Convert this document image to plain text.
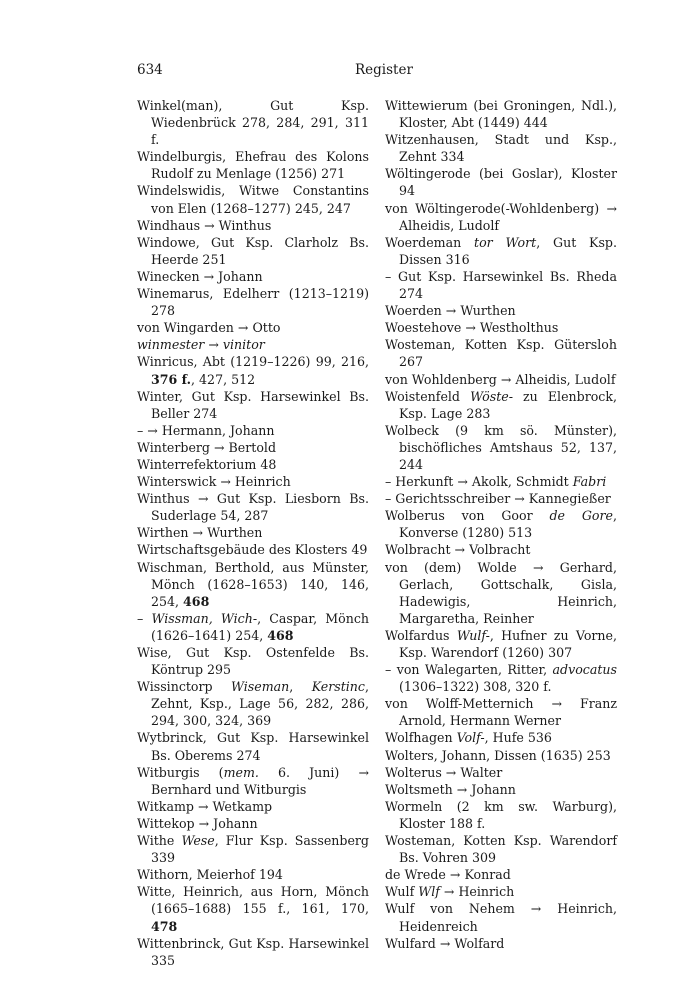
634	Register
Winkel(man), Gut Ksp. Wiedenbrück 278, 284, 291, 311 f.
Windelburgis, Ehefrau des Kolons Rudolf zu Menlage (1256) 271
Windelswidis, Witwe Constantins von Elen (1268–1277) 245, 247
Windhaus → Winthus
Windowe, Gut Ksp. Clarholz Bs. Heerde 251
Winecken → Johann
Winemarus, Edelherr (1213–1219) 278
von Wingarden → Otto
winmester → vinitor
Winricus, Abt (1219–1226) 99, 216, 376 f., 427, 512
Winter, Gut Ksp. Harsewinkel Bs. Beller 274
– → Hermann, Johann
Winterberg → Bertold
Winterrefektorium 48
Winterswick → Heinrich
Winthus → Gut Ksp. Liesborn Bs. Suderlage 54, 287
Wirthen → Wurthen
Wirtschaftsgebäude des Klosters 49
Wischman, Berthold, aus Münster, Mönch (1628–1653) 140, 146, 254, 468
– Wissman, Wich-, Caspar, Mönch (1626–1641) 254, 468
Wise, Gut Ksp. Ostenfelde Bs. Köntrup 295
Wissinctorp Wiseman, Kerstinc, Zehnt, Ksp., Lage 56, 282, 286, 294, 300, 324, 369
Wytbrinck, Gut Ksp. Harsewinkel Bs. Oberems 274
Witburgis (mem. 6. Juni) → Bernhard und Witburgis
Witkamp → Wetkamp
Wittekop → Johann
Withe Wese, Flur Ksp. Sassenberg 339
Withorn, Meierhof 194
Witte, Heinrich, aus Horn, Mönch (1665–1688) 155 f., 161, 170, 478
Wittenbrinck, Gut Ksp. Harsewinkel 335
Wittewierum (bei Groningen, Ndl.), Kloster, Abt (1449) 444
Witzenhausen, Stadt und Ksp., Zehnt 334
Wöltingerode (bei Goslar), Kloster 94
von Wöltingerode(-Wohldenberg) → Alheidis, Ludolf
Woerdeman tor Wort, Gut Ksp. Dissen 316
– Gut Ksp. Harsewinkel Bs. Rheda 274
Woerden → Wurthen
Woestehove → Westholthus
Wosteman, Kotten Ksp. Gütersloh 267
von Wohldenberg → Alheidis, Ludolf
Woistenfeld Wöste- zu Elenbrock, Ksp. Lage 283
Wolbeck (9 km sö. Münster), bischöfliches Amtshaus 52, 137, 244
– Herkunft → Akolk, Schmidt Fabri
– Gerichtsschreiber → Kannegießer
Wolberus von Goor de Gore, Konverse (1280) 513
Wolbracht → Volbracht
von (dem) Wolde → Gerhard, Gerlach, Gottschalk, Gisla, Hadewigis, Heinrich, Margaretha, Reinher
Wolfardus Wulf-, Hufner zu Vorne, Ksp. Warendorf (1260) 307
– von Walegarten, Ritter, advocatus (1306–1322) 308, 320 f.
von Wolff-Metternich → Franz Arnold, Hermann Werner
Wolfhagen Volf-, Hufe 536
Wolters, Johann, Dissen (1635) 253
Wolterus → Walter
Woltsmeth → Johann
Wormeln (2 km sw. Warburg), Kloster 188 f.
Wosteman, Kotten Ksp. Warendorf Bs. Vohren 309
de Wrede → Konrad
Wulf Wlf → Heinrich
Wulf von Nehem → Heinrich, Heidenreich
Wulfard → Wolfard
